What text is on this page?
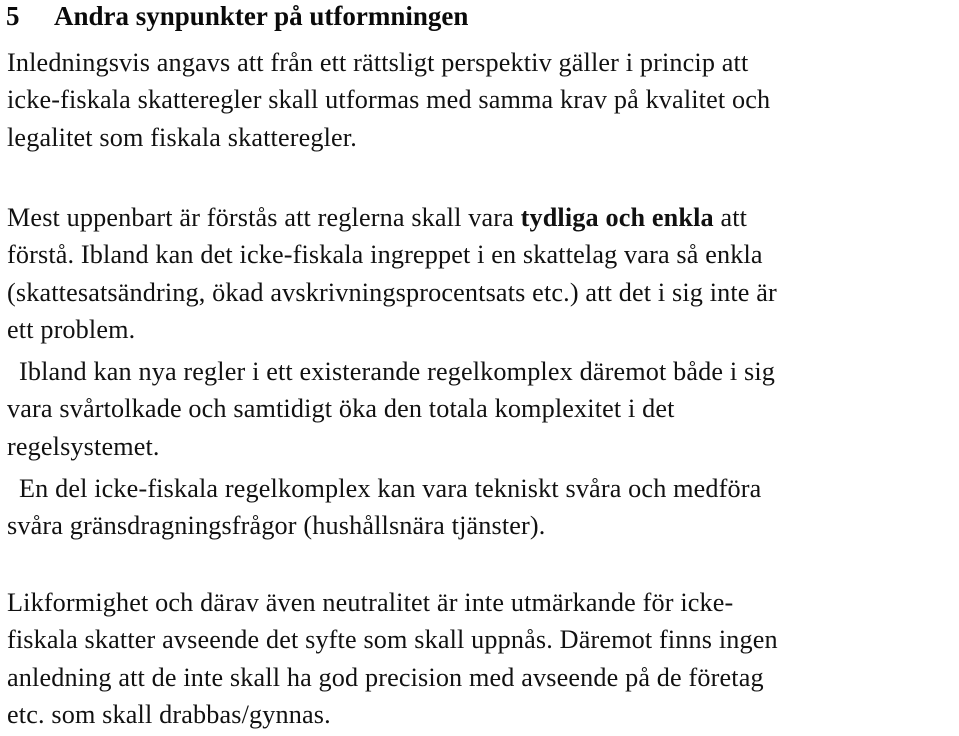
5 Andra synpunkter på utformningen

Inledningsvis angavs att från ett rättsligt perspektiv gäller i princip att
icke-fiskala skatteregler skall utformas med samma krav på kvalitet och
legalitet som fiskala skatteregler.

Mest uppenbart är förstås att reglerna skall vara tydliga och enkla att
förstå. Ibland kan det icke-fiskala ingreppet i en skattelag vara så enkla
(skattesatsändring, ökad avskrivningsprocentsats etc.) att det i sig inte är
ett problem.

Ibland kan nya regler i ett existerande regelkomplex däremot både i sig
vara svårtolkade och samtidigt öka den totala komplexitet i det
regelsystemet.

En del icke-fiskala regelkomplex kan vara tekniskt svåra och medföra
svåra gränsdragningsfrågor (hushållsnära tjänster).

Likformighet och därav även neutralitet är inte utmärkande för icke-
fiskala skatter avseende det syfte som skall uppnås. Däremot finns ingen
anledning att de inte skall ha god precision med avseende på de företag
etc. som skall drabbas/gynnas.
